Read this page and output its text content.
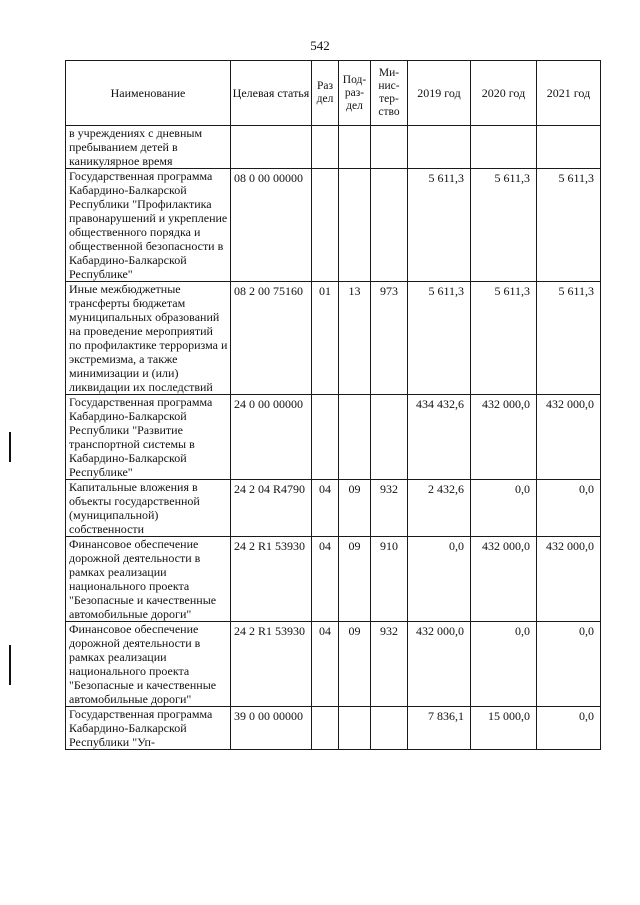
542
Наименование	Целевая статья	Раз дел	Под-раз-дел	Ми-нис-тер-ство	2019 год	2020 год	2021 год
в учреждениях с дневным пребыванием детей в каникулярное время							
Государственная программа Кабардино-Балкарской Республики "Профилактика правонарушений и укрепление общественного порядка и общественной безопасности в Кабардино-Балкарской Республике"	08 0 00 00000				5 611,3	5 611,3	5 611,3
Иные межбюджетные трансферты бюджетам муниципальных образований на проведение мероприятий по профилактике терроризма и экстремизма, а также минимизации и (или) ликвидации их последствий	08 2 00 75160	01	13	973	5 611,3	5 611,3	5 611,3
Государственная программа Кабардино-Балкарской Республики "Развитие транспортной системы в Кабардино-Балкарской Республике"	24 0 00 00000				434 432,6	432 000,0	432 000,0
Капитальные вложения в объекты государственной (муниципальной) собственности	24 2 04 R4790	04	09	932	2 432,6	0,0	0,0
Финансовое обеспечение дорожной деятельности в рамках реализации национального проекта "Безопасные и качественные автомобильные дороги"	24 2 R1 53930	04	09	910	0,0	432 000,0	432 000,0
Финансовое обеспечение дорожной деятельности в рамках реализации национального проекта "Безопасные и качественные автомобильные дороги"	24 2 R1 53930	04	09	932	432 000,0	0,0	0,0
Государственная программа Кабардино-Балкарской Республики "Уп-	39 0 00 00000				7 836,1	15 000,0	0,0
